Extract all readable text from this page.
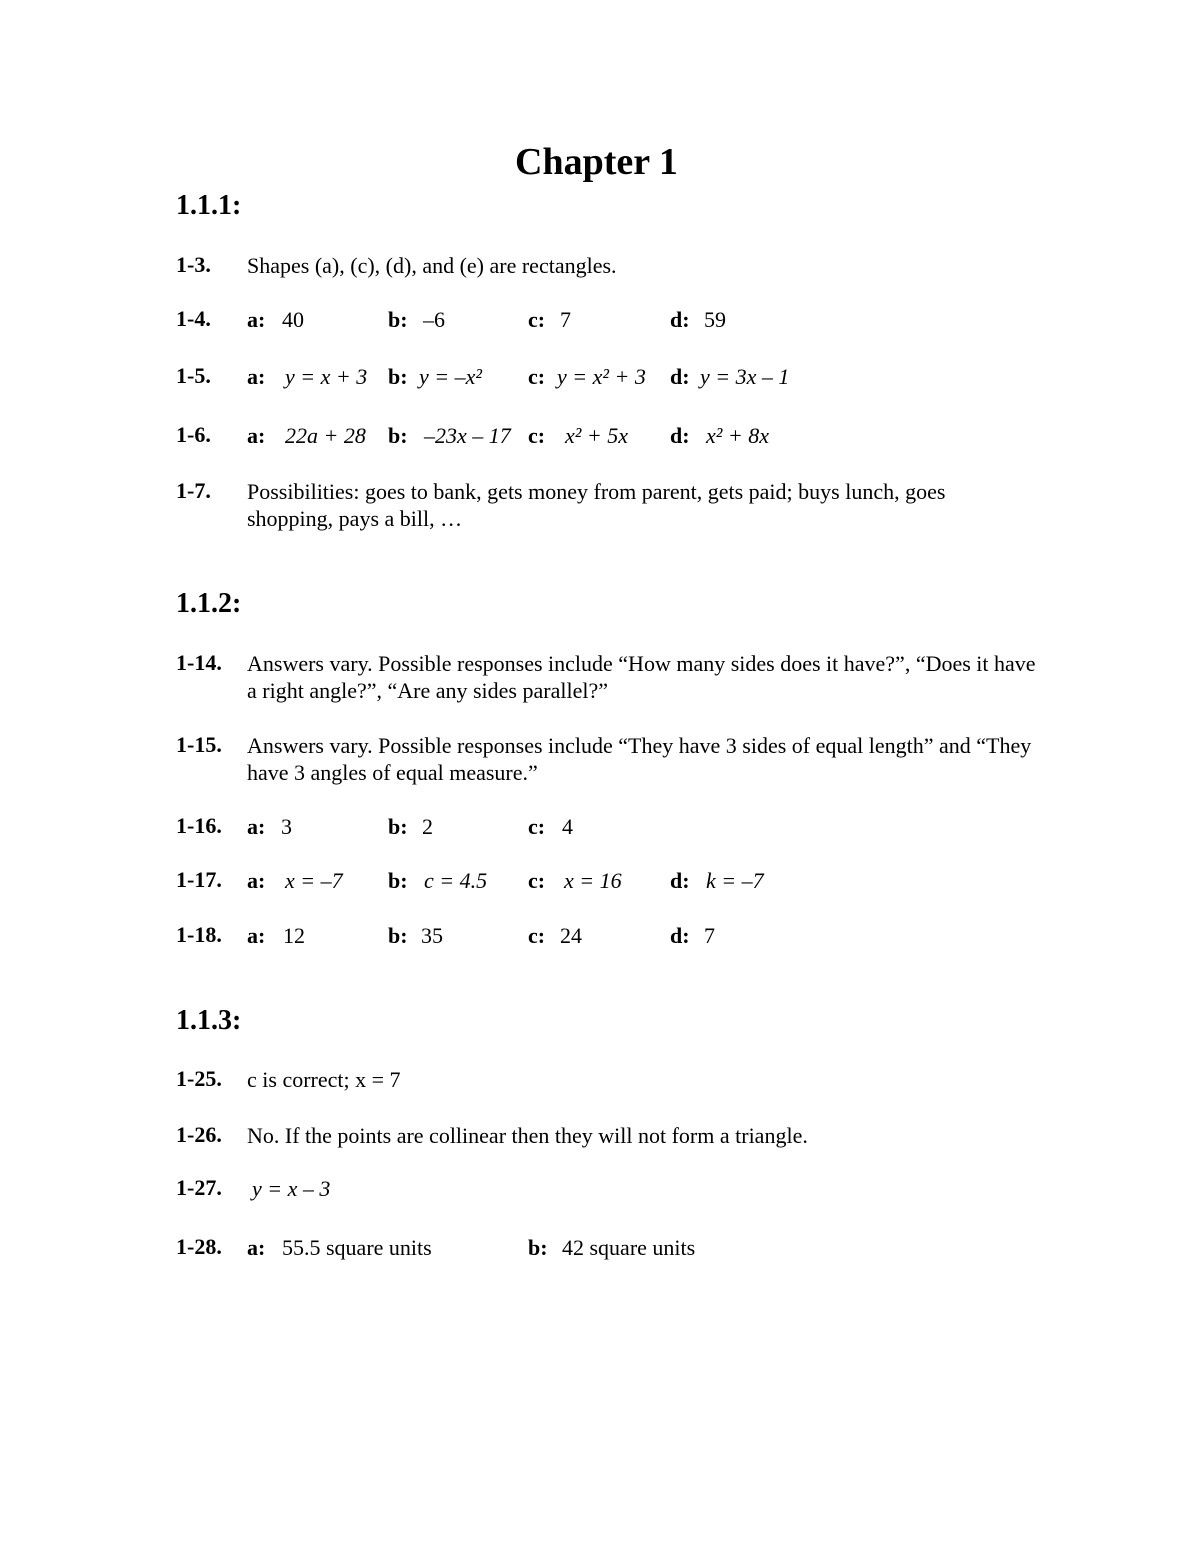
Chapter 1
1.1.1:
1-3. Shapes (a), (c), (d), and (e) are rectangles.
1-4. a: 40	b: –6	c: 7	d: 59
1-5. a: y = x + 3 b: y = –x² c: y = x² + 3 d: y = 3x – 1
1-6. a: 22a + 28 b: –23x – 17 c: x² + 5x d: x² + 8x
1-7. Possibilities: goes to bank, gets money from parent, gets paid; buys lunch, goes shopping, pays a bill, …
1.1.2:
1-14. Answers vary. Possible responses include “How many sides does it have?”, “Does it have a right angle?”, “Are any sides parallel?”
1-15. Answers vary. Possible responses include “They have 3 sides of equal length” and “They have 3 angles of equal measure.”
1-16. a: 3	b: 2	c: 4
1-17. a: x = –7 b: c = 4.5 c: x = 16 d: k = –7
1-18. a: 12	b: 35	c: 24	d: 7
1.1.3:
1-25. c is correct; x = 7
1-26. No. If the points are collinear then they will not form a triangle.
1-27. y = x – 3
1-28. a: 55.5 square units	b: 42 square units
